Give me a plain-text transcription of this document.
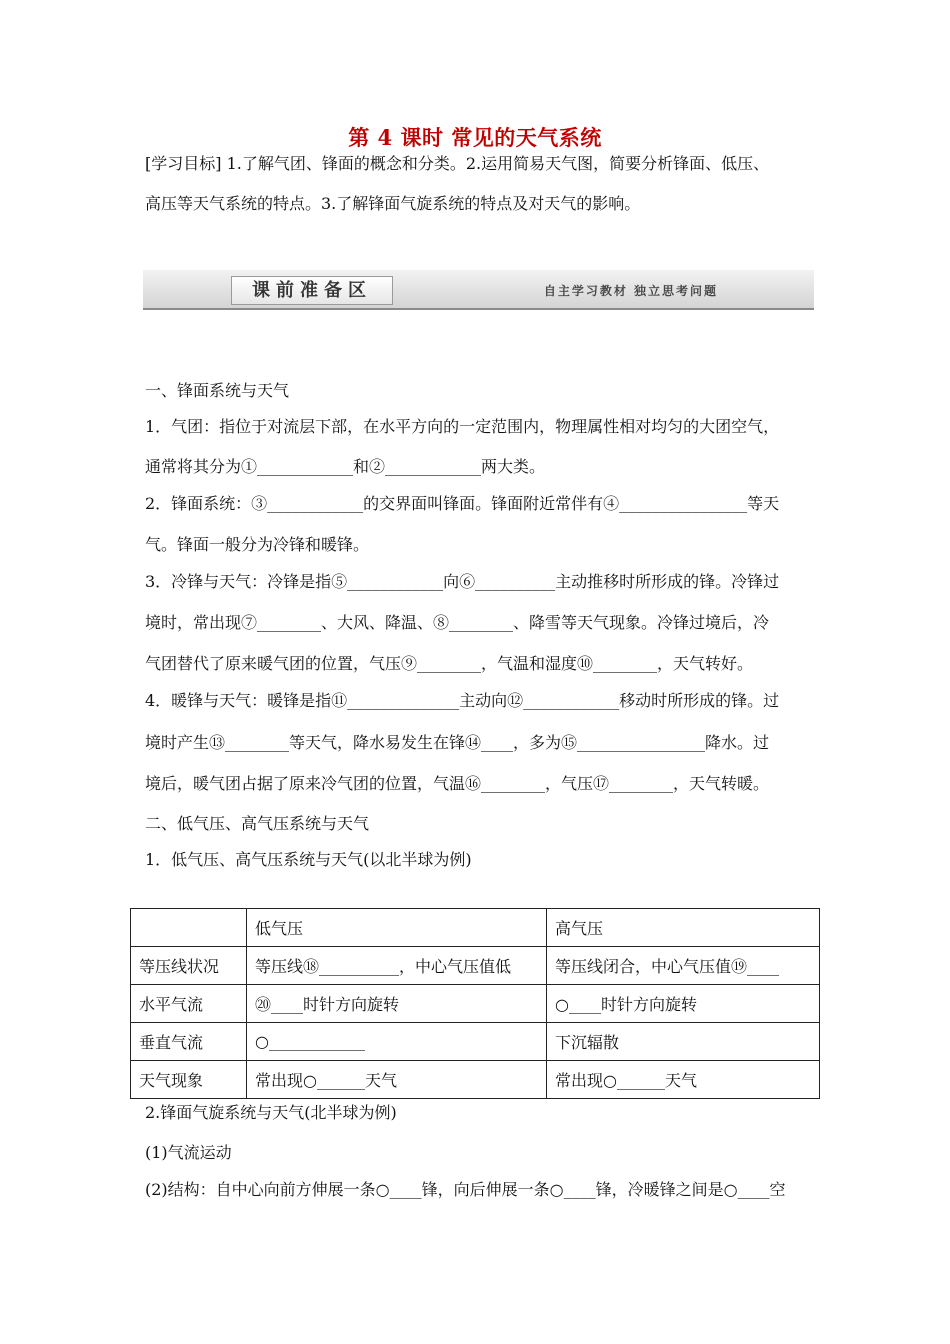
第 4 课时 常见的天气系统
[学习目标] 1.了解气团、锋面的概念和分类。2.运用简易天气图，简要分析锋面、低压、
高压等天气系统的特点。3.了解锋面气旋系统的特点及对天气的影响。
课前准备区	自主学习教材 独立思考问题
一、锋面系统与天气
1．气团：指位于对流层下部，在水平方向的一定范围内，物理属性相对均匀的大团空气，
通常将其分为①____________和②____________两大类。
2．锋面系统：③____________的交界面叫锋面。锋面附近常伴有④________________等天
气。锋面一般分为冷锋和暖锋。
3．冷锋与天气：冷锋是指⑤____________向⑥__________主动推移时所形成的锋。冷锋过
境时，常出现⑦________、大风、降温、⑧________、降雪等天气现象。冷锋过境后，冷
气团替代了原来暖气团的位置，气压⑨________，气温和湿度⑩________，天气转好。
4．暖锋与天气：暖锋是指⑪______________主动向⑫____________移动时所形成的锋。过
境时产生⑬________等天气，降水易发生在锋⑭____，多为⑮________________降水。过
境后，暖气团占据了原来冷气团的位置，气温⑯________，气压⑰________，天气转暖。
二、低气压、高气压系统与天气
1．低气压、高气压系统与天气(以北半球为例)
	低气压	高气压
等压线状况	等压线⑱__________，中心气压值低	等压线闭合，中心气压值⑲____
水平气流	⑳____时针方向旋转	○____时针方向旋转
垂直气流	○____________	下沉辐散
天气现象	常出现○______天气	常出现○______天气
2.锋面气旋系统与天气(北半球为例)
(1)气流运动
(2)结构：自中心向前方伸展一条○____锋，向后伸展一条○____锋，冷暖锋之间是○____空
